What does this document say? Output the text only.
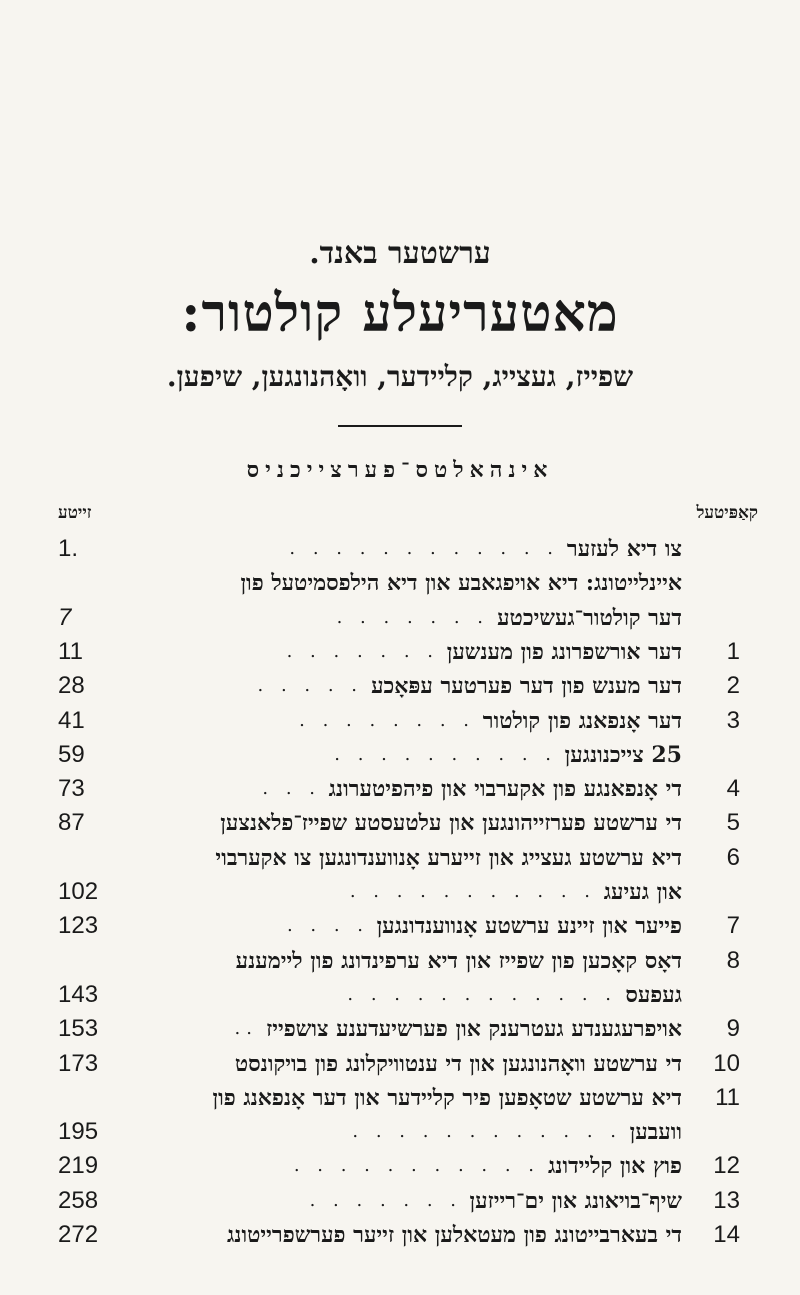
ערשטער באנד.
מאטעריעלע קולטור:
שפייז, געצייג, קליידער, וואָהנונגען, שיפען.
אינהאלטס־פערצייכניס
זייטע	קאַפּיטעל
צו דיא לעזער
. . . . . . . . . . . .
1.
איינלייטונג: דיא אויפגאבע און דיא הילפסמיטעל פון
דער קולטור־געשיכטע
. . . . . . .
7
1
דער אורשפרונג פון מענשען
. . . . . . .
11
2
דער מענש פון דער פערטער עפּאָכע
. . . . .
28
3
דער אָנפאנג פון קולטור
. . . . . . . .
41
25 צייכנונגען
. . . . . . . . . .
59
4
די אָנפאנגע פון אקערבוי און פיהפיטערונג
. . .
73
5
די ערשטע פערזייהונגען און עלטעסטע שפייז־פלאנצען
87
6
דיא ערשטע געצייג און זייערע אָנווענדונגען צו אקערבוי
און געיעג
. . . . . . . . . . .
102
7
פייער און זיינע ערשטע אָנווענדונגען
. . . .
123
8
דאָס קאָכען פון שפייז און דיא ערפינדונג פון ליימענע
געפעס
. . . . . . . . . . . .
143
9
אויפרעגענדע געטרענק און פערשיעדענע צושפייז
..
153
10
די ערשטע וואָהנונגען און די ענטוויקלונג פון בויקונסט
173
11
דיא ערשטע שטאָפען פיר קליידער און דער אָנפאנג פון
וועבען
. . . . . . . . . . . .
195
12
פוץ און קליידונג
. . . . . . . . . . .
219
13
שיף־בויאונג און ים־רייזען
. . . . . . .
258
14
די בעארבייטונג פון מעטאלען און זייער פערשפרייטונג
272
